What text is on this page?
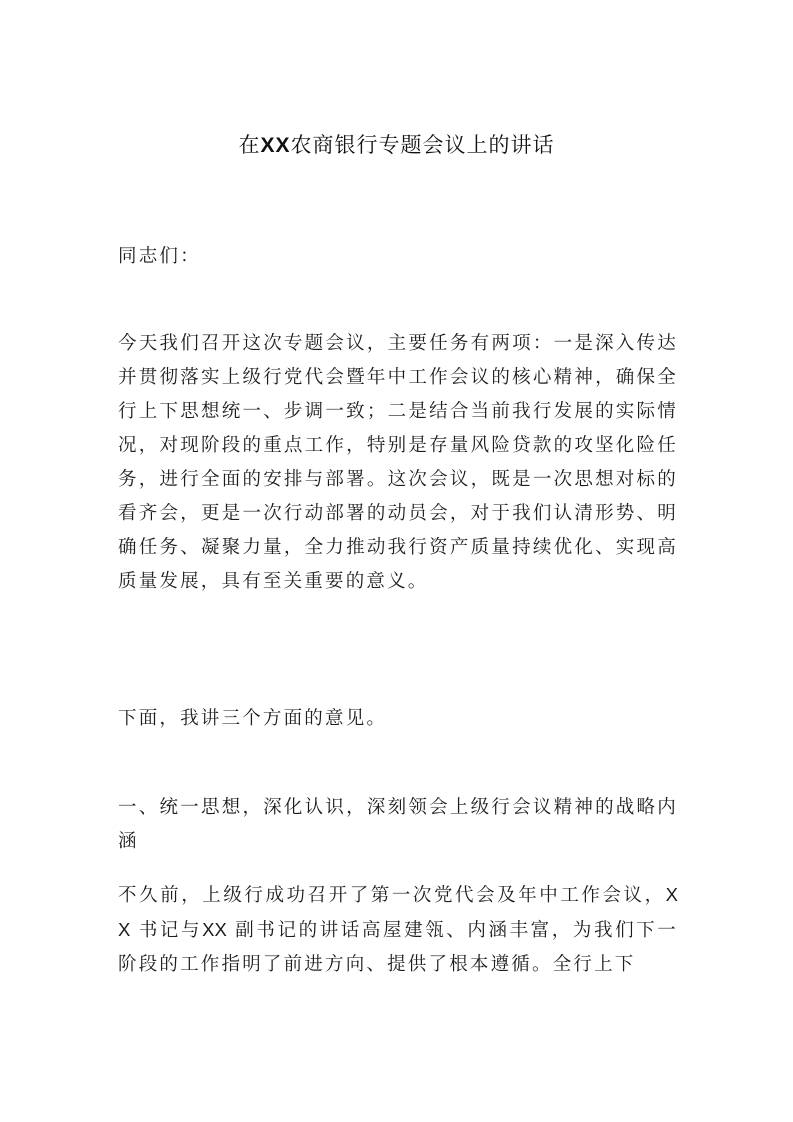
在XX农商银行专题会议上的讲话

同志们：

今天我们召开这次专题会议，主要任务有两项：一是深入传达并贯彻落实上级行党代会暨年中工作会议的核心精神，确保全行上下思想统一、步调一致；二是结合当前我行发展的实际情况，对现阶段的重点工作，特别是存量风险贷款的攻坚化险任务，进行全面的安排与部署。这次会议，既是一次思想对标的看齐会，更是一次行动部署的动员会，对于我们认清形势、明确任务、凝聚力量，全力推动我行资产质量持续优化、实现高质量发展，具有至关重要的意义。

下面，我讲三个方面的意见。

一、统一思想，深化认识，深刻领会上级行会议精神的战略内涵

不久前，上级行成功召开了第一次党代会及年中工作会议，XX 书记与XX 副书记的讲话高屋建瓴、内涵丰富，为我们下一阶段的工作指明了前进方向、提供了根本遵循。全行上下
